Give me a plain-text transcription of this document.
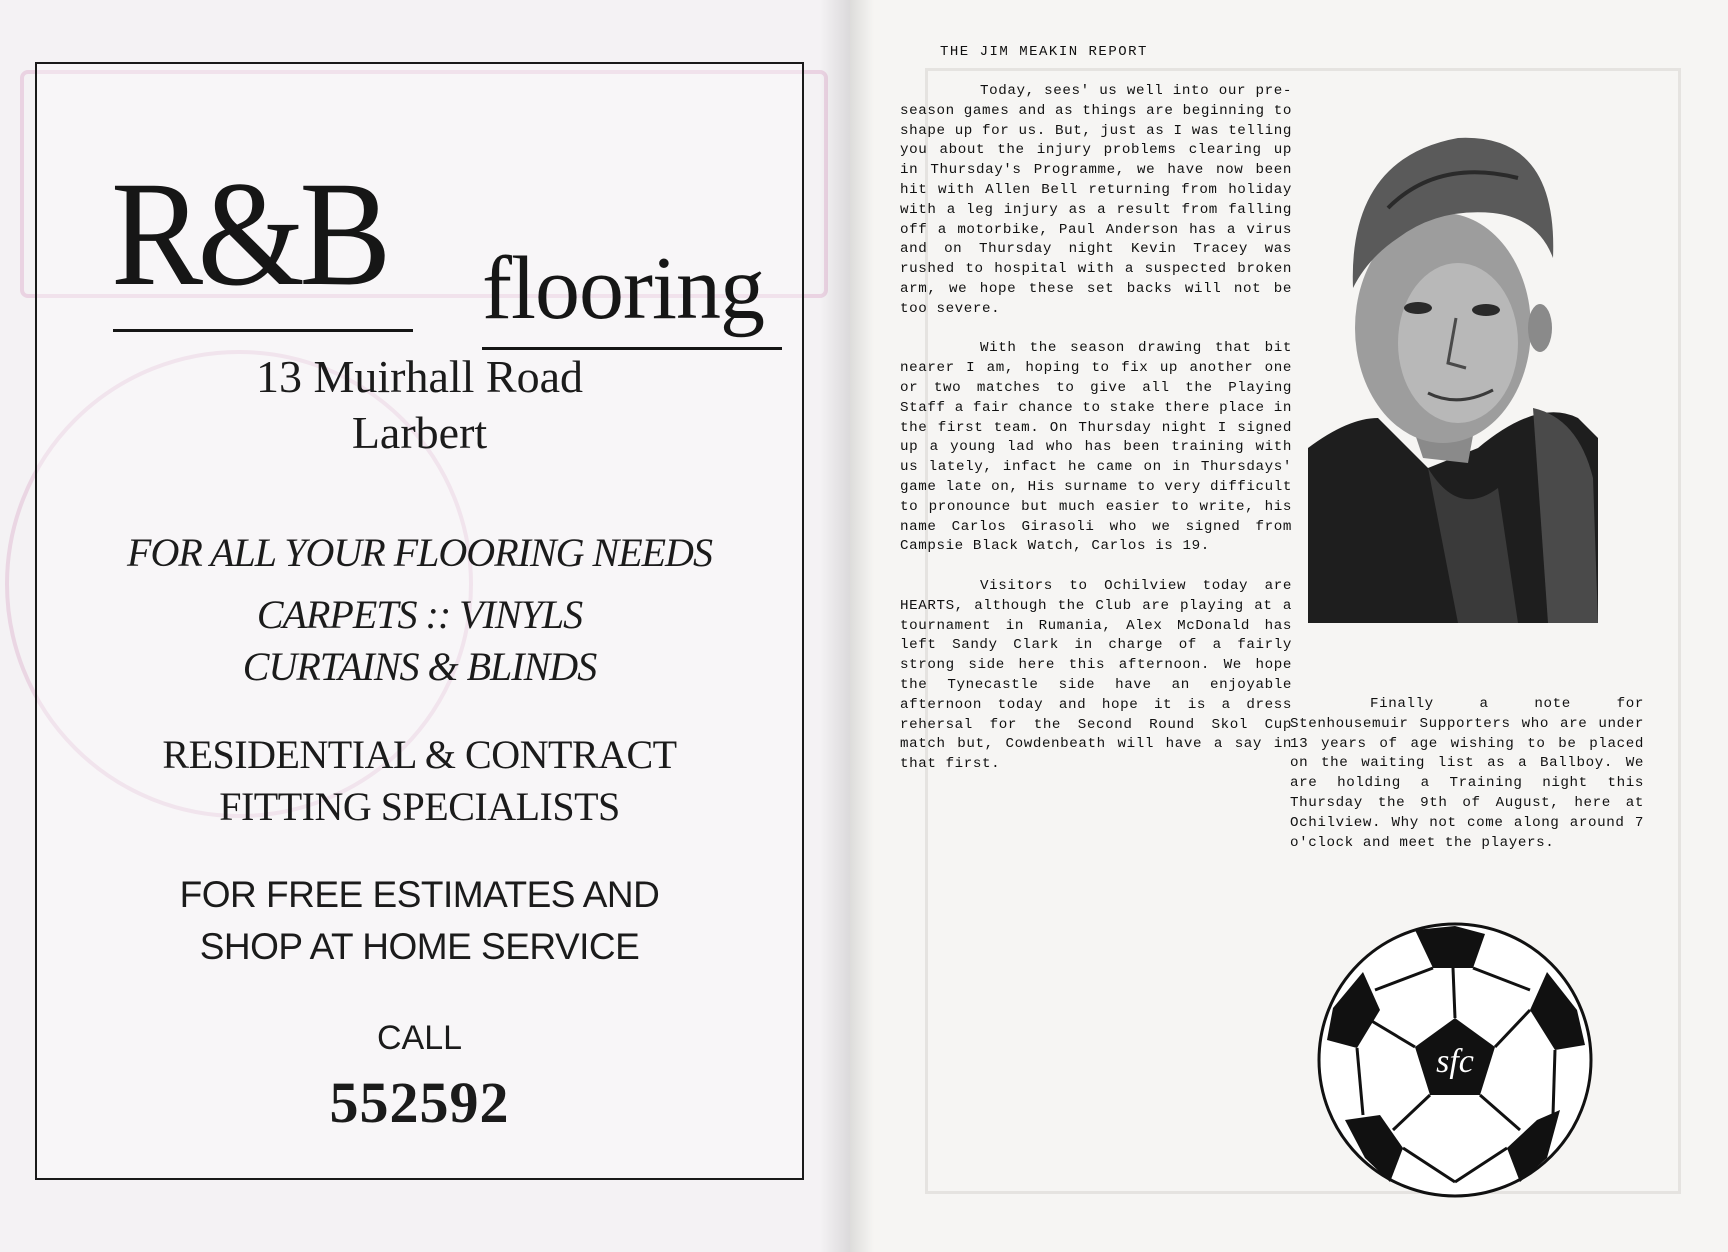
R&B flooring
13 Muirhall Road
Larbert
FOR ALL YOUR FLOORING NEEDS
CARPETS :: VINYLS
CURTAINS & BLINDS
RESIDENTIAL & CONTRACT
FITTING SPECIALISTS
FOR FREE ESTIMATES AND
SHOP AT HOME SERVICE
CALL
552592
THE JIM MEAKIN REPORT

Today, sees' us well into our pre-season games and as things are beginning to shape up for us. But, just as I was telling you about the injury problems clearing up in Thursday's Programme, we have now been hit with Allen Bell returning from holiday with a leg injury as a result from falling off a motorbike, Paul Anderson has a virus and on Thursday night Kevin Tracey was rushed to hospital with a suspected broken arm, we hope these set backs will not be too severe.

With the season drawing that bit nearer I am, hoping to fix up another one or two matches to give all the Playing Staff a fair chance to stake there place in the first team. On Thursday night I signed up a young lad who has been training with us lately, infact he came on in Thursdays' game late on, His surname to very difficult to pronounce but much easier to write, his name Carlos Girasoli who we signed from Campsie Black Watch, Carlos is 19.

Visitors to Ochilview today are HEARTS, although the Club are playing at a tournament in Rumania, Alex McDonald has left Sandy Clark in charge of a fairly strong side here this afternoon. We hope the Tynecastle side have an enjoyable afternoon today and hope it is a dress rehersal for the Second Round Skol Cup match but, Cowdenbeath will have a say in that first.

Finally a note for Stenhousemuir Supporters who are under 13 years of age wishing to be placed on the waiting list as a Ballboy. We are holding a Training night this Thursday the 9th of August, here at Ochilview. Why not come along around 7 o'clock and meet the players.

sfc
